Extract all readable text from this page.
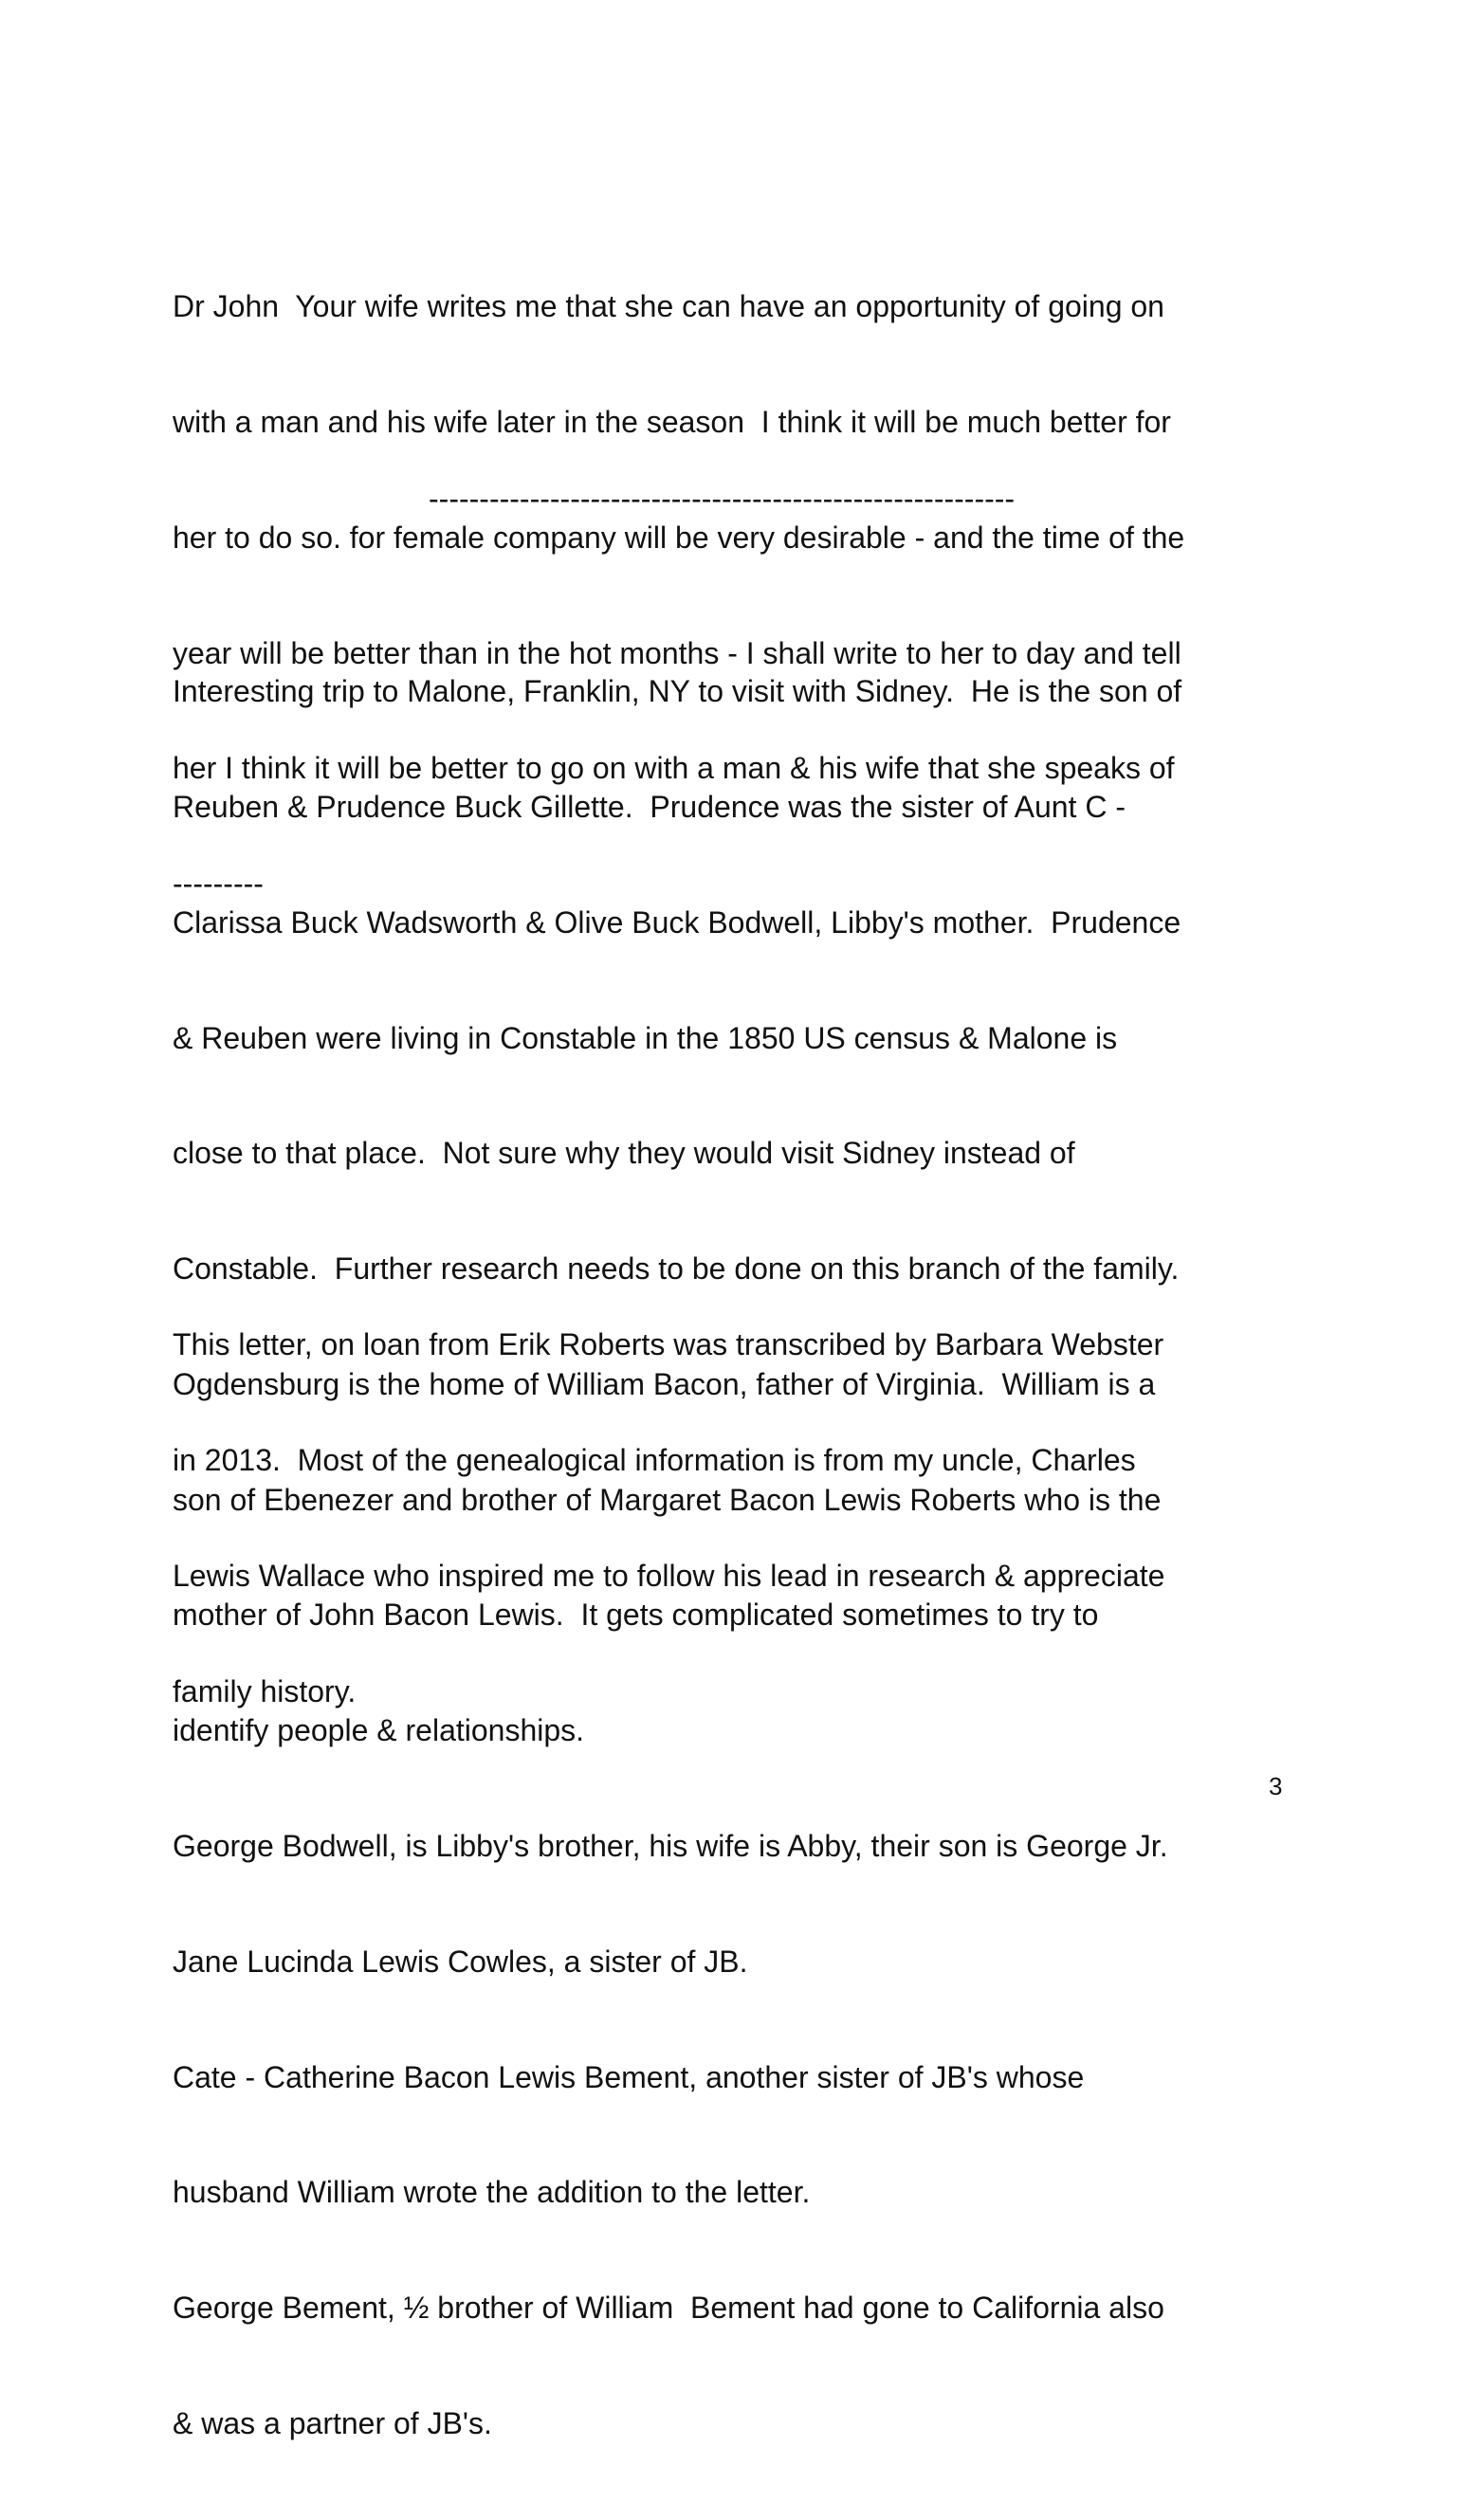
Dr John  Your wife writes me that she can have an opportunity of going on

with a man and his wife later in the season  I think it will be much better for

her to do so. for female company will be very desirable - and the time of the

year will be better than in the hot months - I shall write to her to day and tell

her I think it will be better to go on with a man & his wife that she speaks of

---------

----------------------------------------------------------

Interesting trip to Malone, Franklin, NY to visit with Sidney.  He is the son of

Reuben & Prudence Buck Gillette.  Prudence was the sister of Aunt C -

Clarissa Buck Wadsworth & Olive Buck Bodwell, Libby's mother.  Prudence

& Reuben were living in Constable in the 1850 US census & Malone is

close to that place.  Not sure why they would visit Sidney instead of

Constable.  Further research needs to be done on this branch of the family.

Ogdensburg is the home of William Bacon, father of Virginia.  William is a

son of Ebenezer and brother of Margaret Bacon Lewis Roberts who is the

mother of John Bacon Lewis.  It gets complicated sometimes to try to

identify people & relationships.

George Bodwell, is Libby's brother, his wife is Abby, their son is George Jr.

Jane Lucinda Lewis Cowles, a sister of JB.

Cate - Catherine Bacon Lewis Bement, another sister of JB's whose

husband William wrote the addition to the letter.

George Bement, ½ brother of William  Bement had gone to California also

& was a partner of JB's.

This letter, on loan from Erik Roberts was transcribed by Barbara Webster

in 2013.  Most of the genealogical information is from my uncle, Charles

Lewis Wallace who inspired me to follow his lead in research & appreciate

family history.

3
